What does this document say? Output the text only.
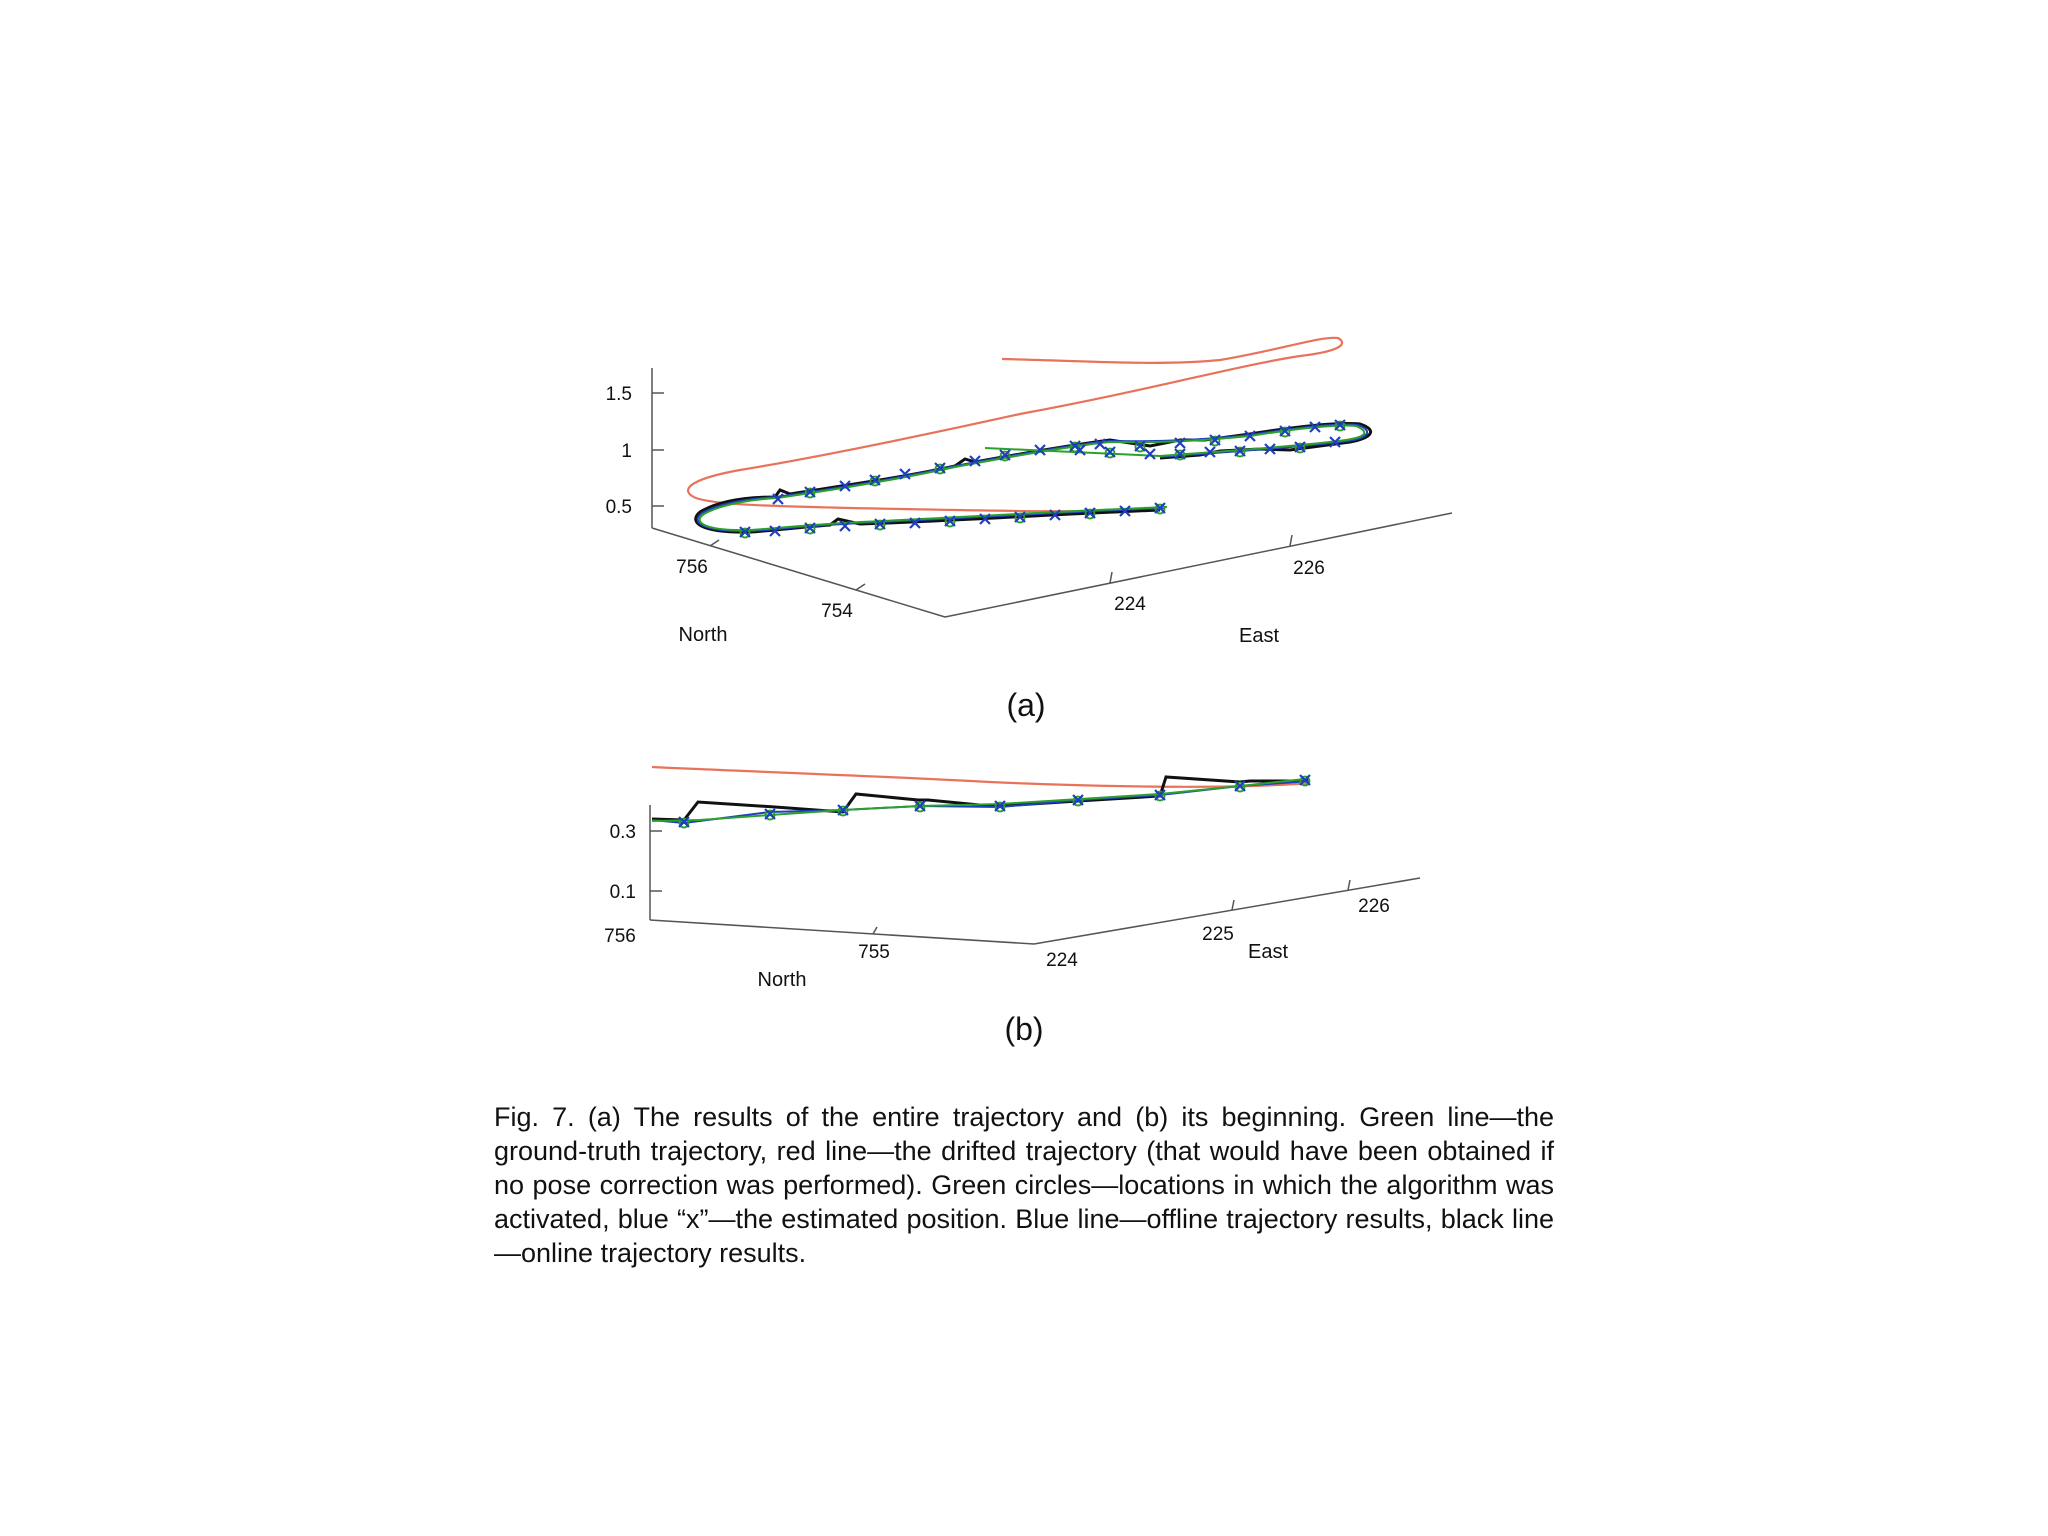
1.5
1
0.5
756
754	224
226
North	East
(a)
0.3
0.1
756
755	224
225
226
North
East
(b)

Fig. 7. (a) The results of the entire trajectory and (b) its beginning. Green line—the ground-truth trajectory, red line—the drifted trajectory (that would have been obtained if no pose correction was performed). Green circles—locations in which the algorithm was activated, blue “x”—the estimated position. Blue line—offline trajectory results, black line—online trajectory results.
